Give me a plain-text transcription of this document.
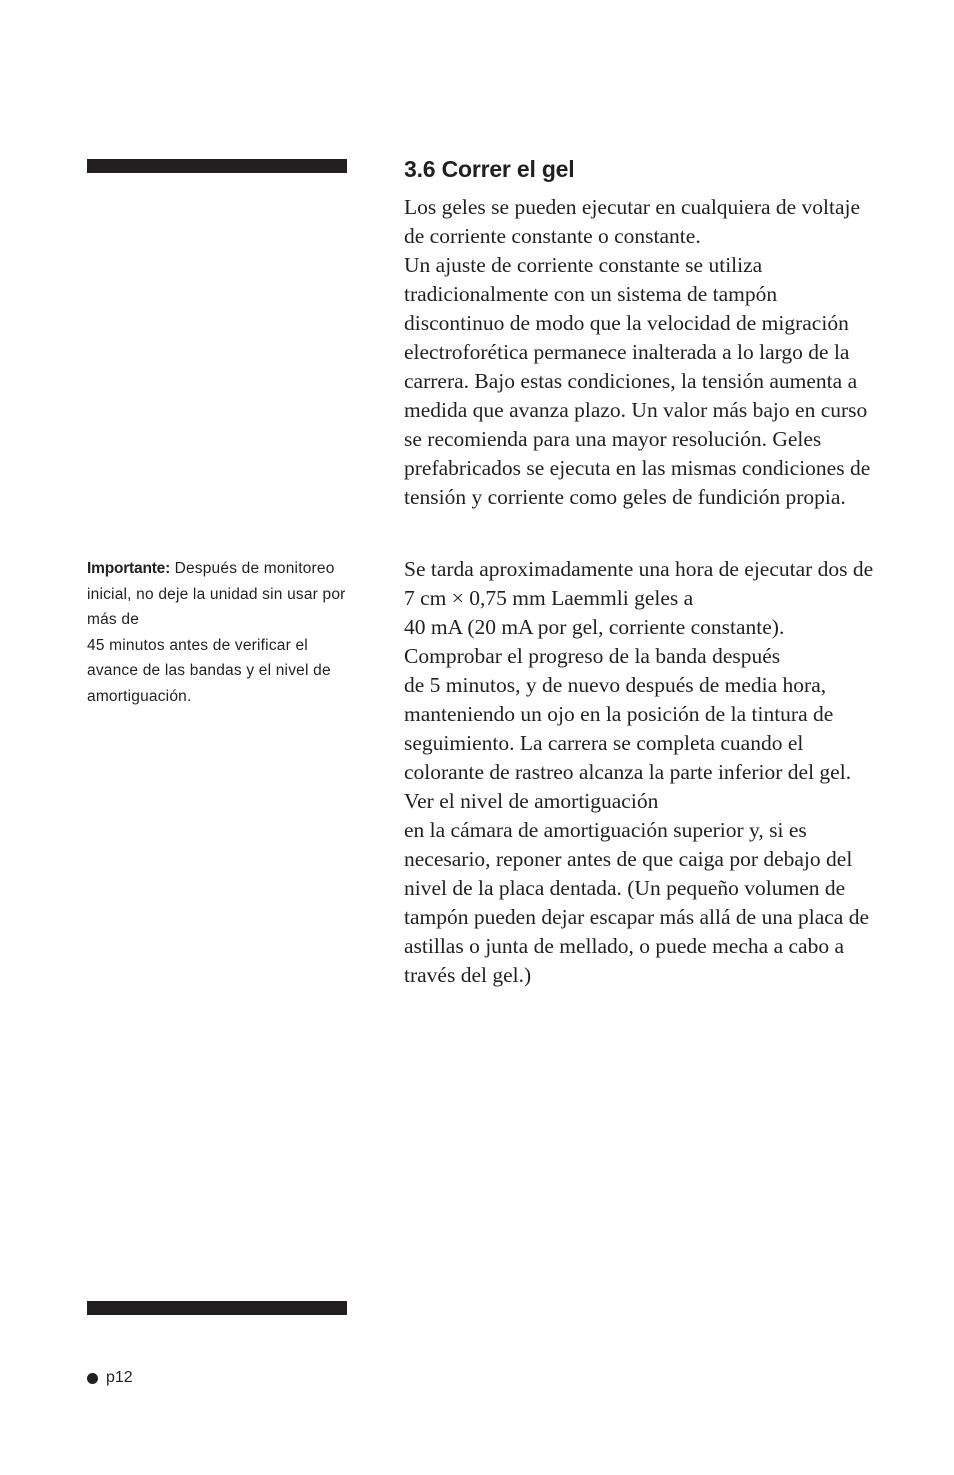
3.6 Correr el gel

Los geles se pueden ejecutar en cualquiera de voltaje de corriente constante o constante.
Un ajuste de corriente constante se utiliza tradicionalmente con un sistema de tampón discontinuo de modo que la velocidad de migración electroforética permanece inalterada a lo largo de la carrera. Bajo estas condiciones, la tensión aumenta a medida que avanza plazo. Un valor más bajo en curso se recomienda para una mayor resolución. Geles prefabricados se ejecuta en las mismas condiciones de tensión y corriente como geles de fundición propia.

Importante: Después de monitoreo inicial, no deje la unidad sin usar por más de
45 minutos antes de verificar el avance de las bandas y el nivel de amortiguación.

Se tarda aproximadamente una hora de ejecutar dos de 7 cm × 0,75 mm Laemmli geles a
40 mA (20 mA por gel, corriente constante). Comprobar el progreso de la banda después
de 5 minutos, y de nuevo después de media hora, manteniendo un ojo en la posición de la tintura de seguimiento. La carrera se completa cuando el colorante de rastreo alcanza la parte inferior del gel. Ver el nivel de amortiguación
en la cámara de amortiguación superior y, si es necesario, reponer antes de que caiga por debajo del nivel de la placa dentada. (Un pequeño volumen de tampón pueden dejar escapar más allá de una placa de astillas o junta de mellado, o puede mecha a cabo a través del gel.)

p12
